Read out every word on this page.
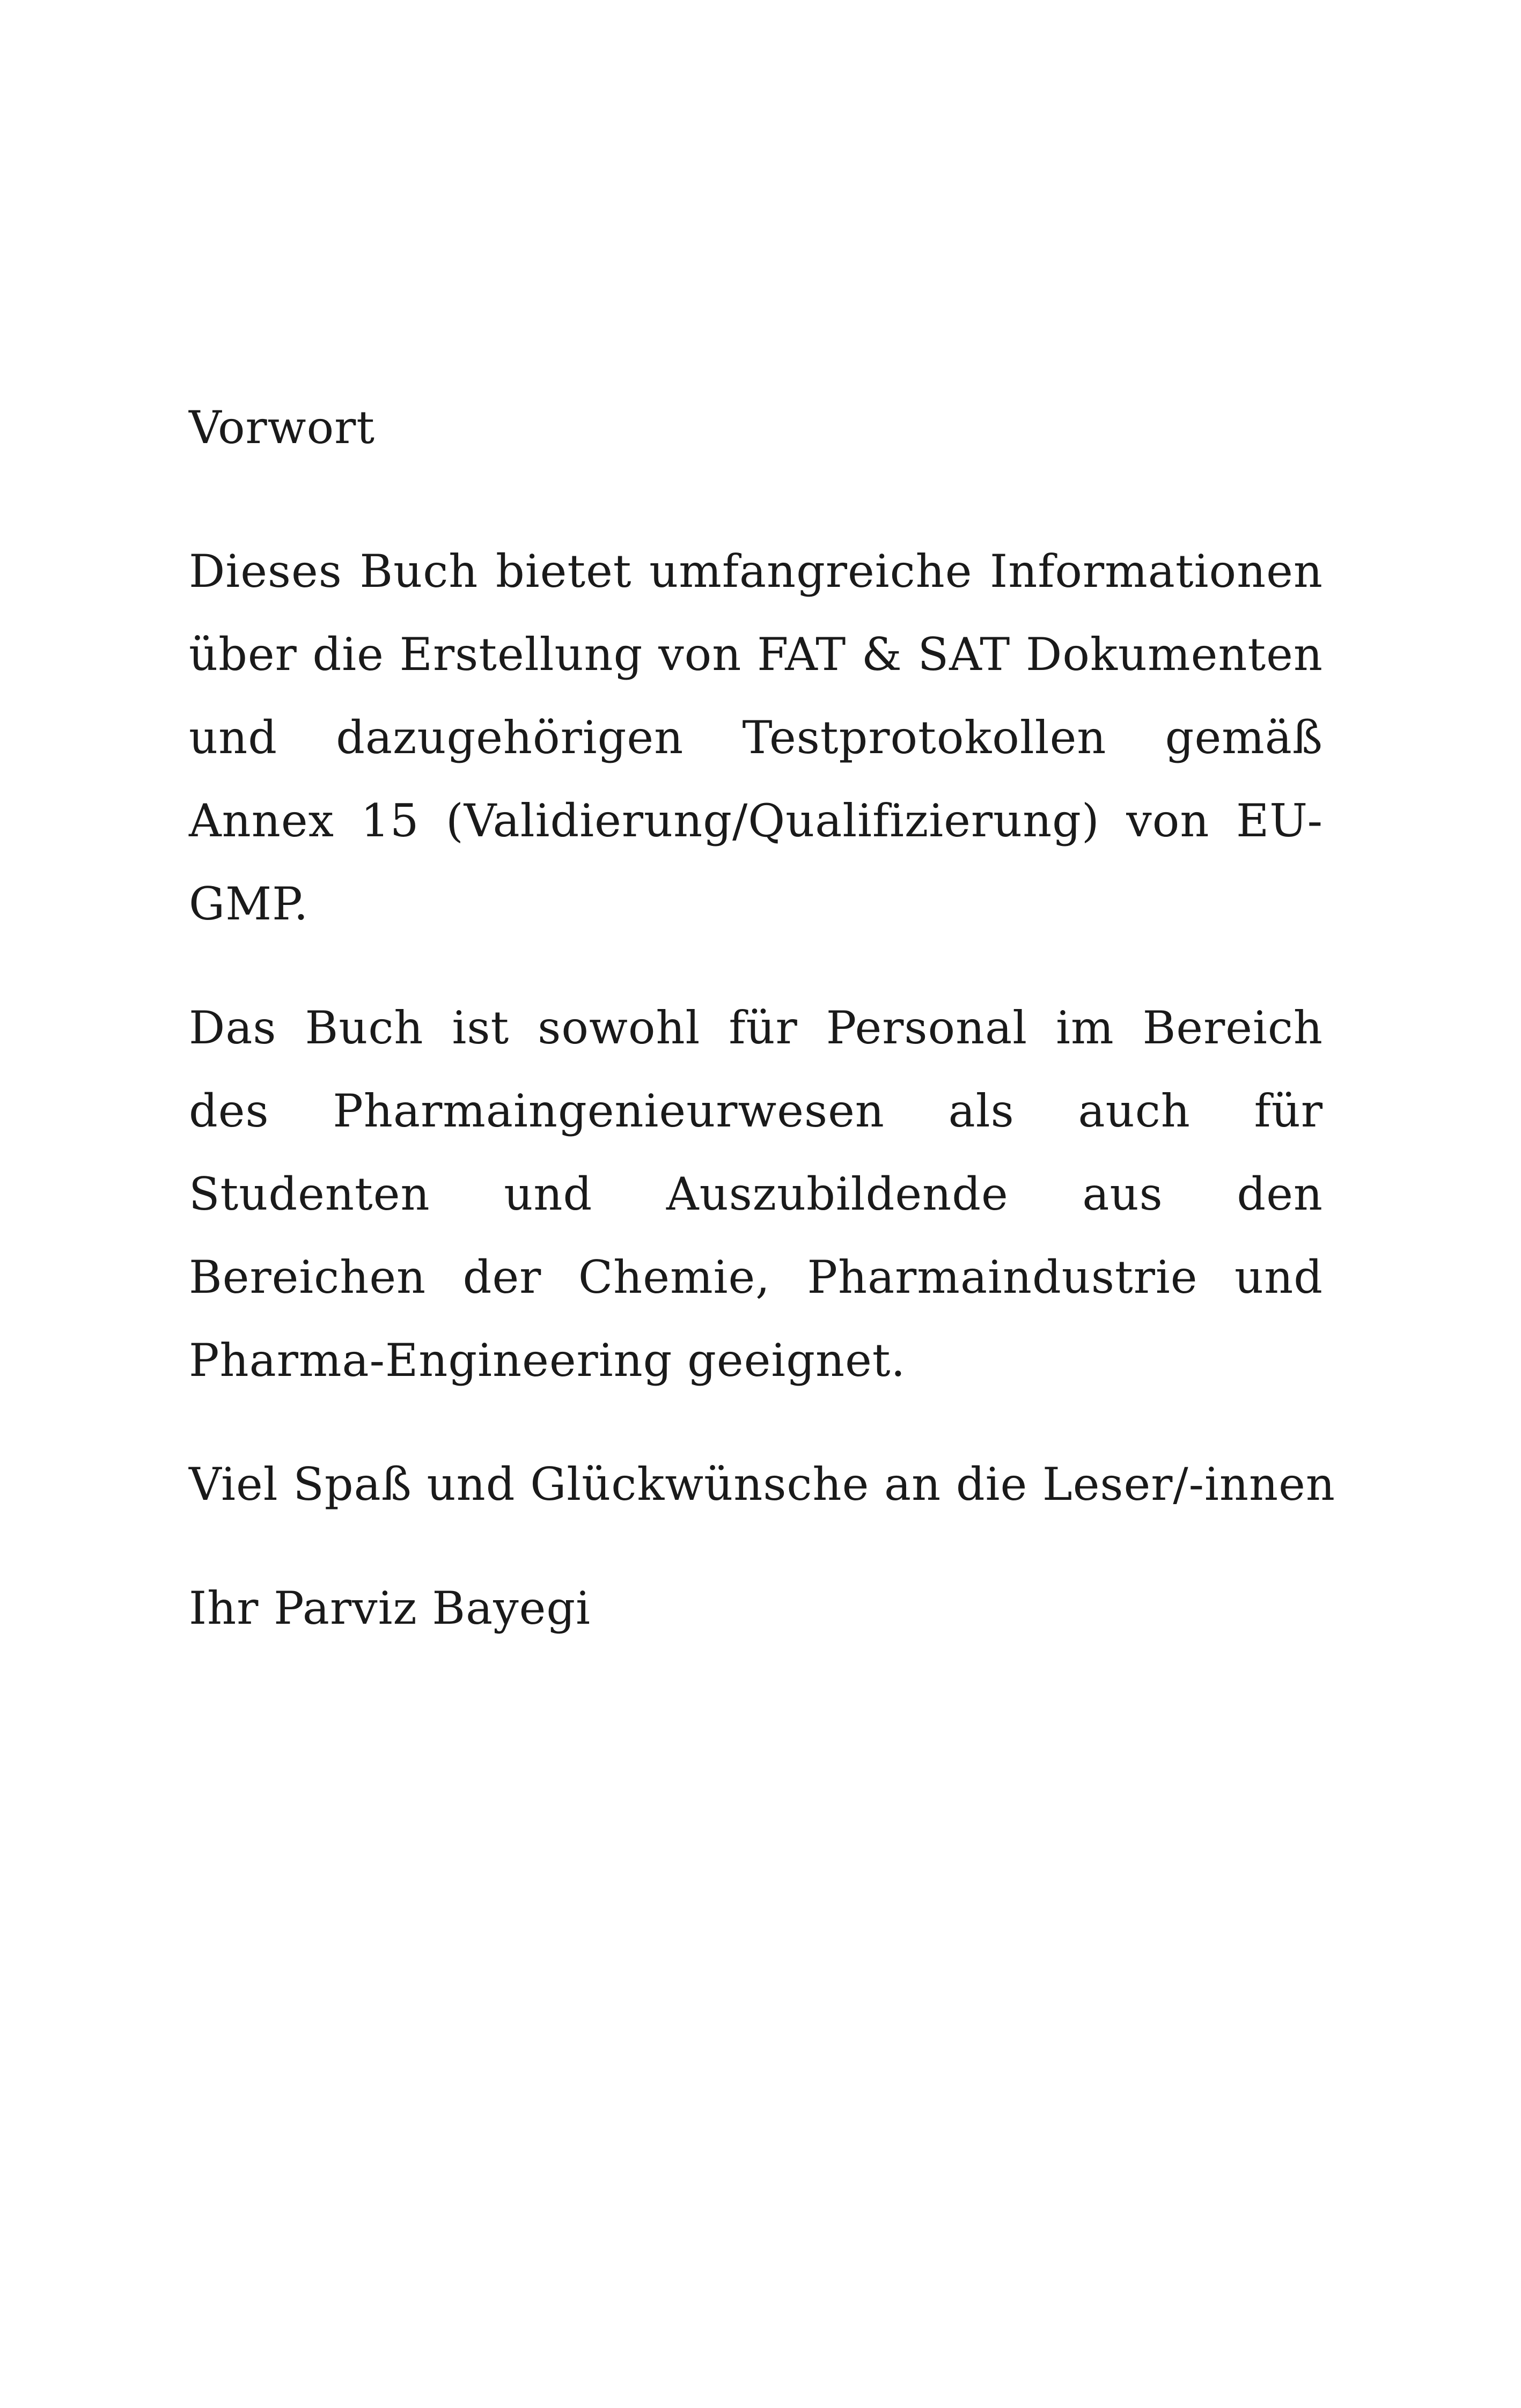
Vorwort

Dieses Buch bietet umfangreiche Informationen über die Erstellung von FAT & SAT Dokumenten und dazugehörigen Testprotokollen gemäß Annex 15 (Validierung/Qualifizierung) von EU-GMP.

Das Buch ist sowohl für Personal im Bereich des Pharmaingenieurwesen als auch für Studenten und Auszubildende aus den Bereichen der Chemie, Pharmaindustrie und Pharma-Engineering geeignet.

Viel Spaß und Glückwünsche an die Leser/-innen

Ihr Parviz Bayegi
